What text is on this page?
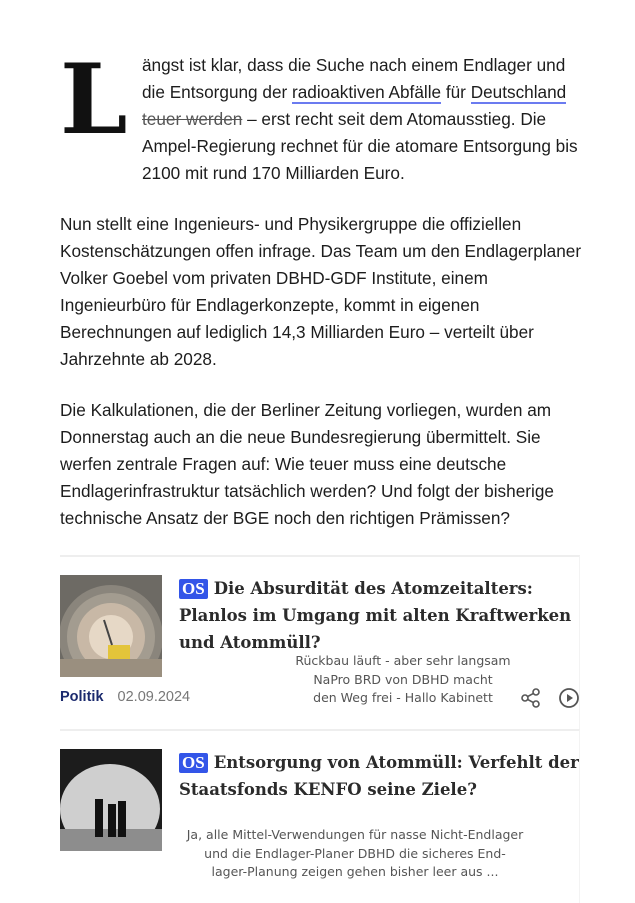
L ängst ist klar, dass die Suche nach einem Endlager und die Entsorgung der radioaktiven Abfälle für Deutschland teuer werden – erst recht seit dem Atomausstieg. Die Ampel-Regierung rechnet für die atomare Entsorgung bis 2100 mit rund 170 Milliarden Euro.

Nun stellt eine Ingenieurs- und Physikergruppe die offiziellen Kostenschätzungen offen infrage. Das Team um den Endlagerplaner Volker Goebel vom privaten DBHD-GDF Institute, einem Ingenieurbüro für Endlagerkonzepte, kommt in eigenen Berechnungen auf lediglich 14,3 Milliarden Euro – verteilt über Jahrzehnte ab 2028.

Die Kalkulationen, die der Berliner Zeitung vorliegen, wurden am Donnerstag auch an die neue Bundesregierung übermittelt. Sie werfen zentrale Fragen auf: Wie teuer muss eine deutsche Endlagerinfrastruktur tatsächlich werden? Und folgt der bisherige technische Ansatz der BGE noch den richtigen Prämissen?

OS Die Absurdität des Atomzeitalters: Planlos im Umgang mit alten Kraftwerken und Atommüll?
Rückbau läuft - aber sehr langsam
NaPro BRD von DBHD macht
den Weg frei - Hallo Kabinett
Politik 02.09.2024
OS Entsorgung von Atommüll: Verfehlt der Staatsfonds KENFO seine Ziele?
Ja, alle Mittel-Verwendungen für nasse Nicht-Endlager
und die Endlager-Planer DBHD die sicheres End-
lager-Planung zeigen gehen bisher leer aus ...
